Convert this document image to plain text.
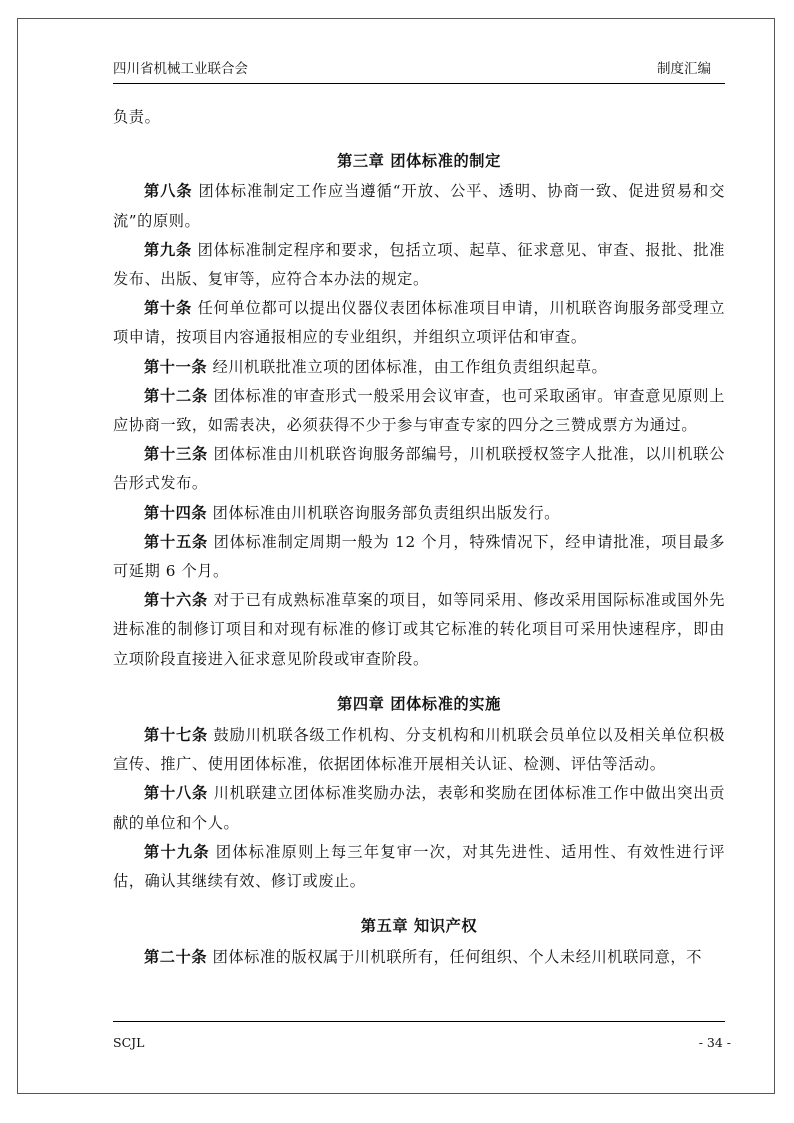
四川省机械工业联合会	制度汇编

负责。

第三章 团体标准的制定

第八条 团体标准制定工作应当遵循“开放、公平、透明、协商一致、促进贸易和交流”的原则。

第九条 团体标准制定程序和要求，包括立项、起草、征求意见、审查、报批、批准发布、出版、复审等，应符合本办法的规定。

第十条 任何单位都可以提出仪器仪表团体标准项目申请，川机联咨询服务部受理立项申请，按项目内容通报相应的专业组织，并组织立项评估和审查。

第十一条 经川机联批准立项的团体标准，由工作组负责组织起草。

第十二条 团体标准的审查形式一般采用会议审查，也可采取函审。审查意见原则上应协商一致，如需表决，必须获得不少于参与审查专家的四分之三赞成票方为通过。

第十三条 团体标准由川机联咨询服务部编号，川机联授权签字人批准，以川机联公告形式发布。

第十四条 团体标准由川机联咨询服务部负责组织出版发行。

第十五条 团体标准制定周期一般为 12 个月，特殊情况下，经申请批准，项目最多可延期 6 个月。

第十六条 对于已有成熟标准草案的项目，如等同采用、修改采用国际标准或国外先进标准的制修订项目和对现有标准的修订或其它标准的转化项目可采用快速程序，即由立项阶段直接进入征求意见阶段或审查阶段。

第四章 团体标准的实施

第十七条 鼓励川机联各级工作机构、分支机构和川机联会员单位以及相关单位积极宣传、推广、使用团体标准，依据团体标准开展相关认证、检测、评估等活动。

第十八条 川机联建立团体标准奖励办法，表彰和奖励在团体标准工作中做出突出贡献的单位和个人。

第十九条 团体标准原则上每三年复审一次，对其先进性、适用性、有效性进行评估，确认其继续有效、修订或废止。

第五章 知识产权

第二十条 团体标准的版权属于川机联所有，任何组织、个人未经川机联同意，不

SCJL	- 34 -
